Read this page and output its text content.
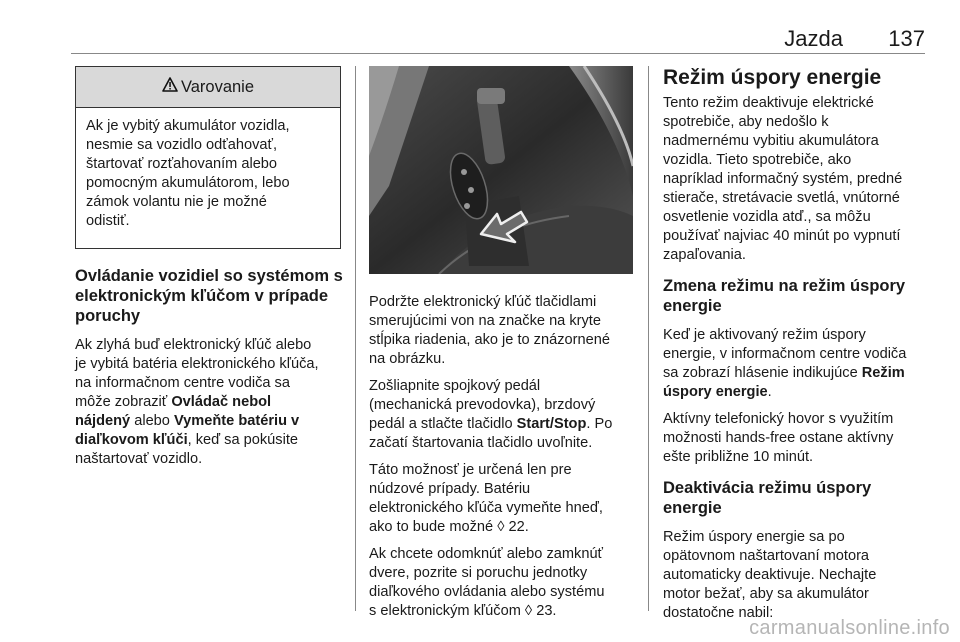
Jazda 137
Varovanie

Ak je vybitý akumulátor vozidla,
nesmie sa vozidlo odťahovať,
štartovať rozťahovaním alebo
pomocným akumulátorom, lebo
zámok volantu nie je možné
odistiť.

Ovládanie vozidiel so systémom s
elektronickým kľúčom v prípade
poruchy

Ak zlyhá buď elektronický kľúč alebo
je vybitá batéria elektronického kľúča,
na informačnom centre vodiča sa
môže zobraziť Ovládač nebol
nájdený alebo Vymeňte batériu v
diaľkovom kľúči, keď sa pokúsite
naštartovať vozidlo.

Podržte elektronický kľúč tlačidlami
smerujúcimi von na značke na kryte
stĺpika riadenia, ako je to znázornené
na obrázku.

Zošliapnite spojkový pedál
(mechanická prevodovka), brzdový
pedál a stlačte tlačidlo Start/Stop. Po
začatí štartovania tlačidlo uvoľnite.

Táto možnosť je určená len pre
núdzové prípady. Batériu
elektronického kľúča vymeňte hneď,
ako to bude možné ◊ 22.

Ak chcete odomknúť alebo zamknúť
dvere, pozrite si poruchu jednotky
diaľkového ovládania alebo systému
s elektronickým kľúčom ◊ 23.

Režim úspory energie

Tento režim deaktivuje elektrické
spotrebiče, aby nedošlo k
nadmernému vybitiu akumulátora
vozidla. Tieto spotrebiče, ako
napríklad informačný systém, predné
stierače, stretávacie svetlá, vnútorné
osvetlenie vozidla atď., sa môžu
používať najviac 40 minút po vypnutí
zapaľovania.

Zmena režimu na režim úspory
energie

Keď je aktivovaný režim úspory
energie, v informačnom centre vodiča
sa zobrazí hlásenie indikujúce Režim
úspory energie.

Aktívny telefonický hovor s využitím
možnosti hands-free ostane aktívny
ešte približne 10 minút.

Deaktivácia režimu úspory
energie

Režim úspory energie sa po
opätovnom naštartovaní motora
automaticky deaktivuje. Nechajte
motor bežať, aby sa akumulátor
dostatočne nabil:

carmanualsonline.info
